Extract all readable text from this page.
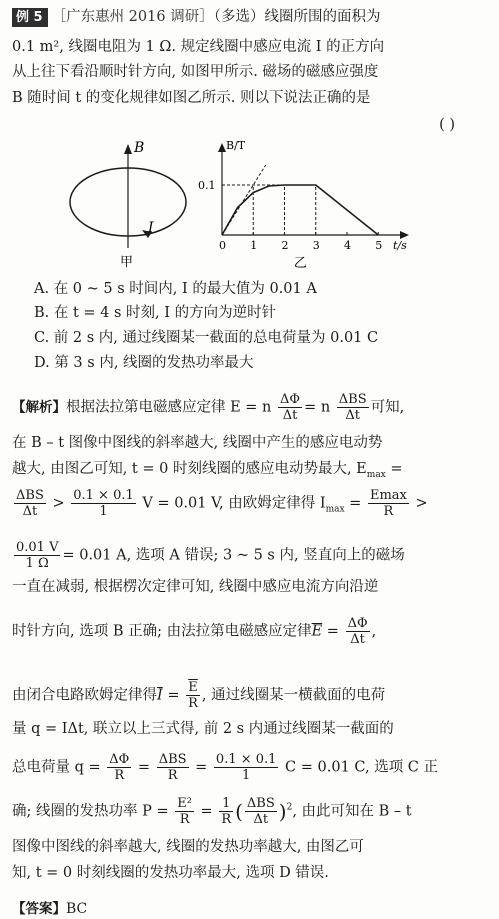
例 5 ［广东惠州 2016 调研］（多选）线圈所围的面积为
0.1 m², 线圈电阻为 1 Ω. 规定线圈中感应电流 I 的正方向
从上往下看沿顺时针方向, 如图甲所示. 磁场的磁感应强度
B 随时间 t 的变化规律如图乙所示. 则以下说法正确的是
( )
B
I
甲
B/T
t/s
0 1 2 3 4 5
0.1
乙
A. 在 0 ~ 5 s 时间内, I 的最大值为 0.01 A
B. 在 t = 4 s 时刻, I 的方向为逆时针
C. 前 2 s 内, 通过线圈某一截面的总电荷量为 0.01 C
D. 第 3 s 内, 线圈的发热功率最大
【解析】根据法拉第电磁感应定律 E = n $\frac{\Delta\Phi}{\Delta t} = n \frac{\text{ΔBS}}{\Delta t}$ 可知,
在 B – t 图像中图线的斜率越大, 线圈中产生的感应电动势
越大, 由图乙可知, t = 0 时刻线圈的感应电动势最大, $E_{max}$ =
$\frac{\text{ΔBS}}{\Delta t} > \frac{0.1 \times 0.1}{1}$ V = 0.01 V, 由欧姆定律得 $I_{max} = \frac{Emax}{R}$ >
$\frac{0.01 V}{1 \Omega} = 0.01$ A, 选项 A 错误; 3 ~ 5 s 内, 竖直向上的磁场
一直在减弱, 根据楞次定律可知, 线圈中感应电流方向沿逆
时针方向, 选项 B 正确; 由法拉第电磁感应定律$\overline{E} = \frac{\Delta\Phi}{\Delta t}$ ,
由闭合电路欧姆定律得$\overline{I} = \frac{\overline{E}}{R}$ , 通过线圈某一横截面的电荷
量 q = IΔt, 联立以上三式得, 前 2 s 内通过线圈某一截面的
总电荷量 $q = \frac{\Delta\Phi}{R} = \frac{\text{ΔBS}}{R} = \frac{0.1 \times 0.1}{1}$ C = 0.01 C, 选项 C 正
确; 线圈的发热功率 $P = \frac{\text{E²}}{R} = \frac{1}{R}$ ( $\frac{\text{ΔBS}}{\Delta t} )^2$, 由此可知在 B – t
图像中图线的斜率越大, 线圈的发热功率越大, 由图乙可
知, t = 0 时刻线圈的发热功率最大, 选项 D 错误.
【答案】BC
